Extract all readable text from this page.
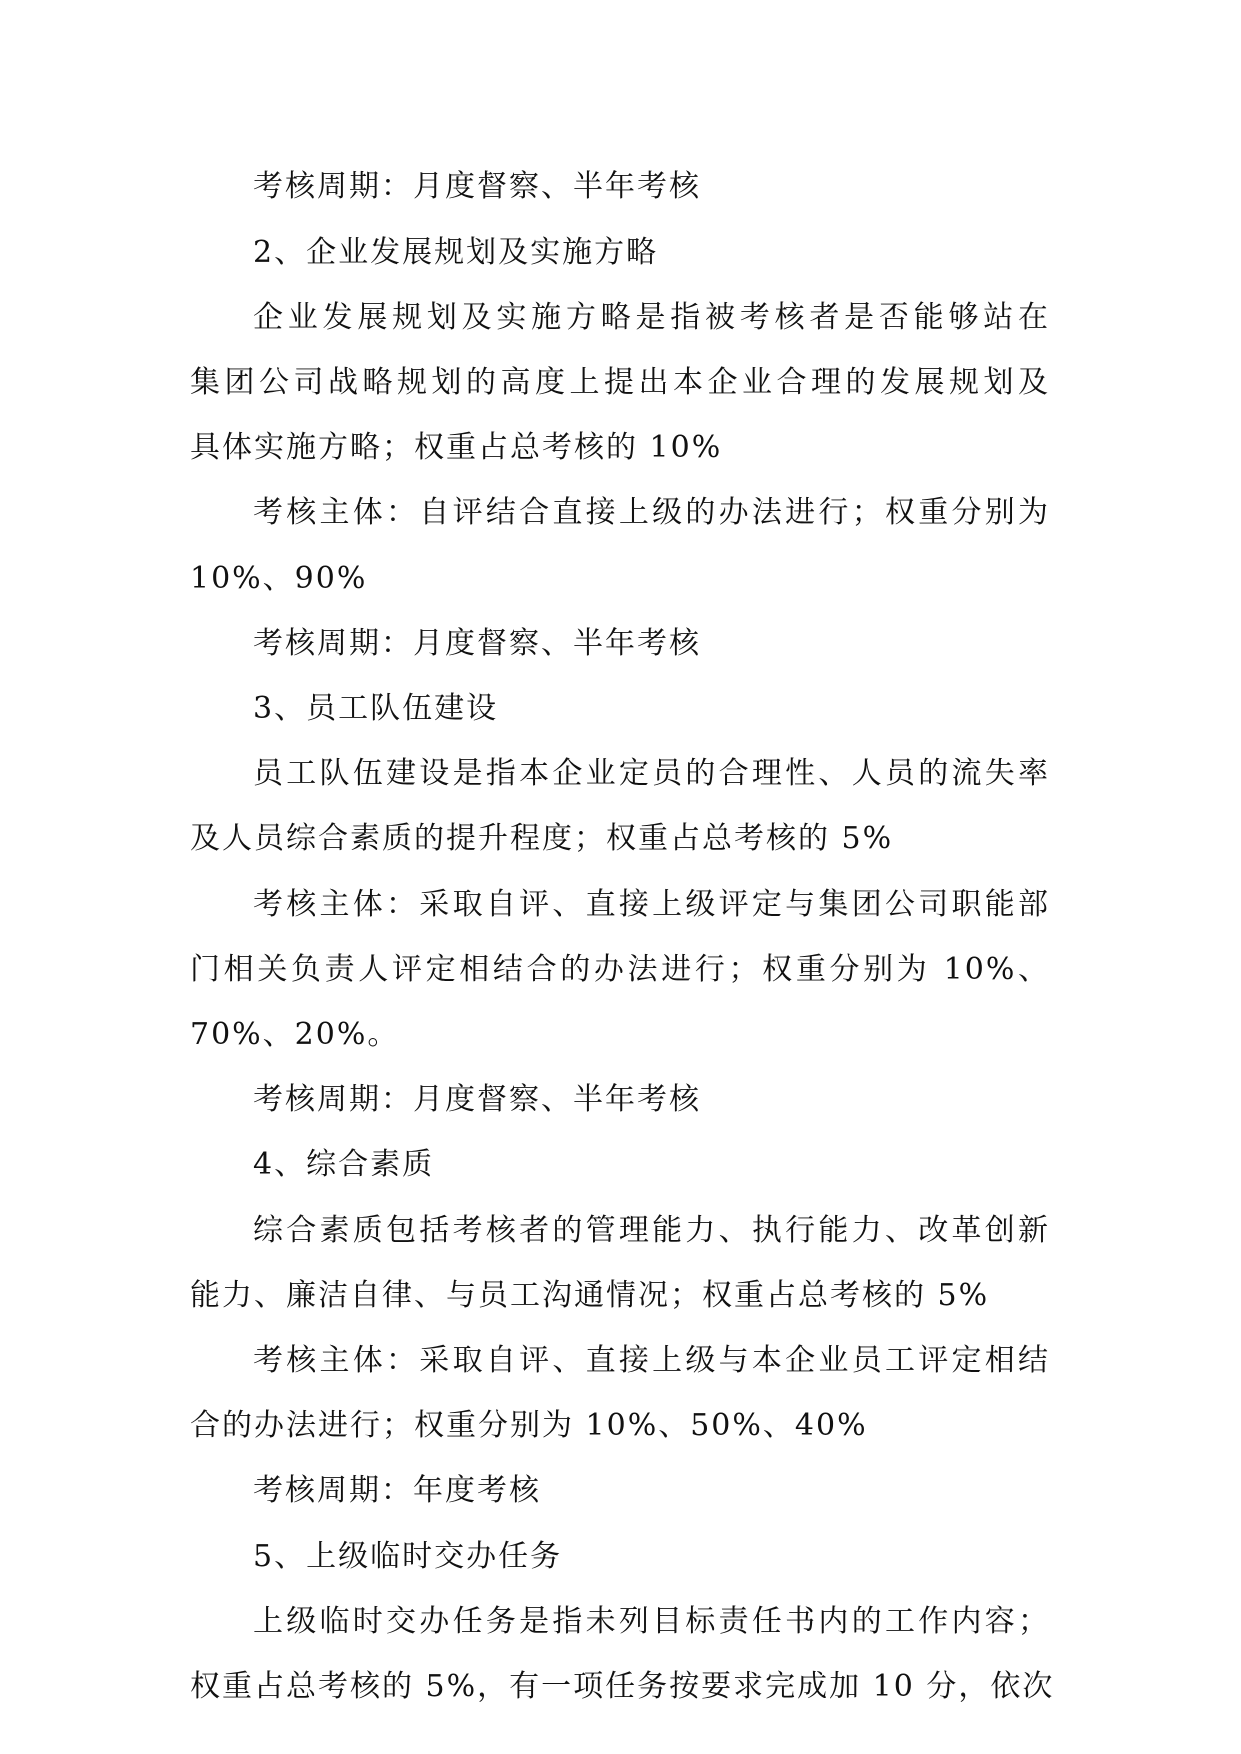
考核周期：月度督察、半年考核
2、企业发展规划及实施方略
企业发展规划及实施方略是指被考核者是否能够站在
集团公司战略规划的高度上提出本企业合理的发展规划及
具体实施方略；权重占总考核的 10%
考核主体：自评结合直接上级的办法进行；权重分别为
10%、90%
考核周期：月度督察、半年考核
3、员工队伍建设
员工队伍建设是指本企业定员的合理性、人员的流失率
及人员综合素质的提升程度；权重占总考核的 5%
考核主体：采取自评、直接上级评定与集团公司职能部
门相关负责人评定相结合的办法进行；权重分别为 10%、
70%、20%。
考核周期：月度督察、半年考核
4、综合素质
综合素质包括考核者的管理能力、执行能力、改革创新
能力、廉洁自律、与员工沟通情况；权重占总考核的 5%
考核主体：采取自评、直接上级与本企业员工评定相结
合的办法进行；权重分别为 10%、50%、40%
考核周期：年度考核
5、上级临时交办任务
上级临时交办任务是指未列目标责任书内的工作内容；
权重占总考核的 5%，有一项任务按要求完成加 10 分，依次
